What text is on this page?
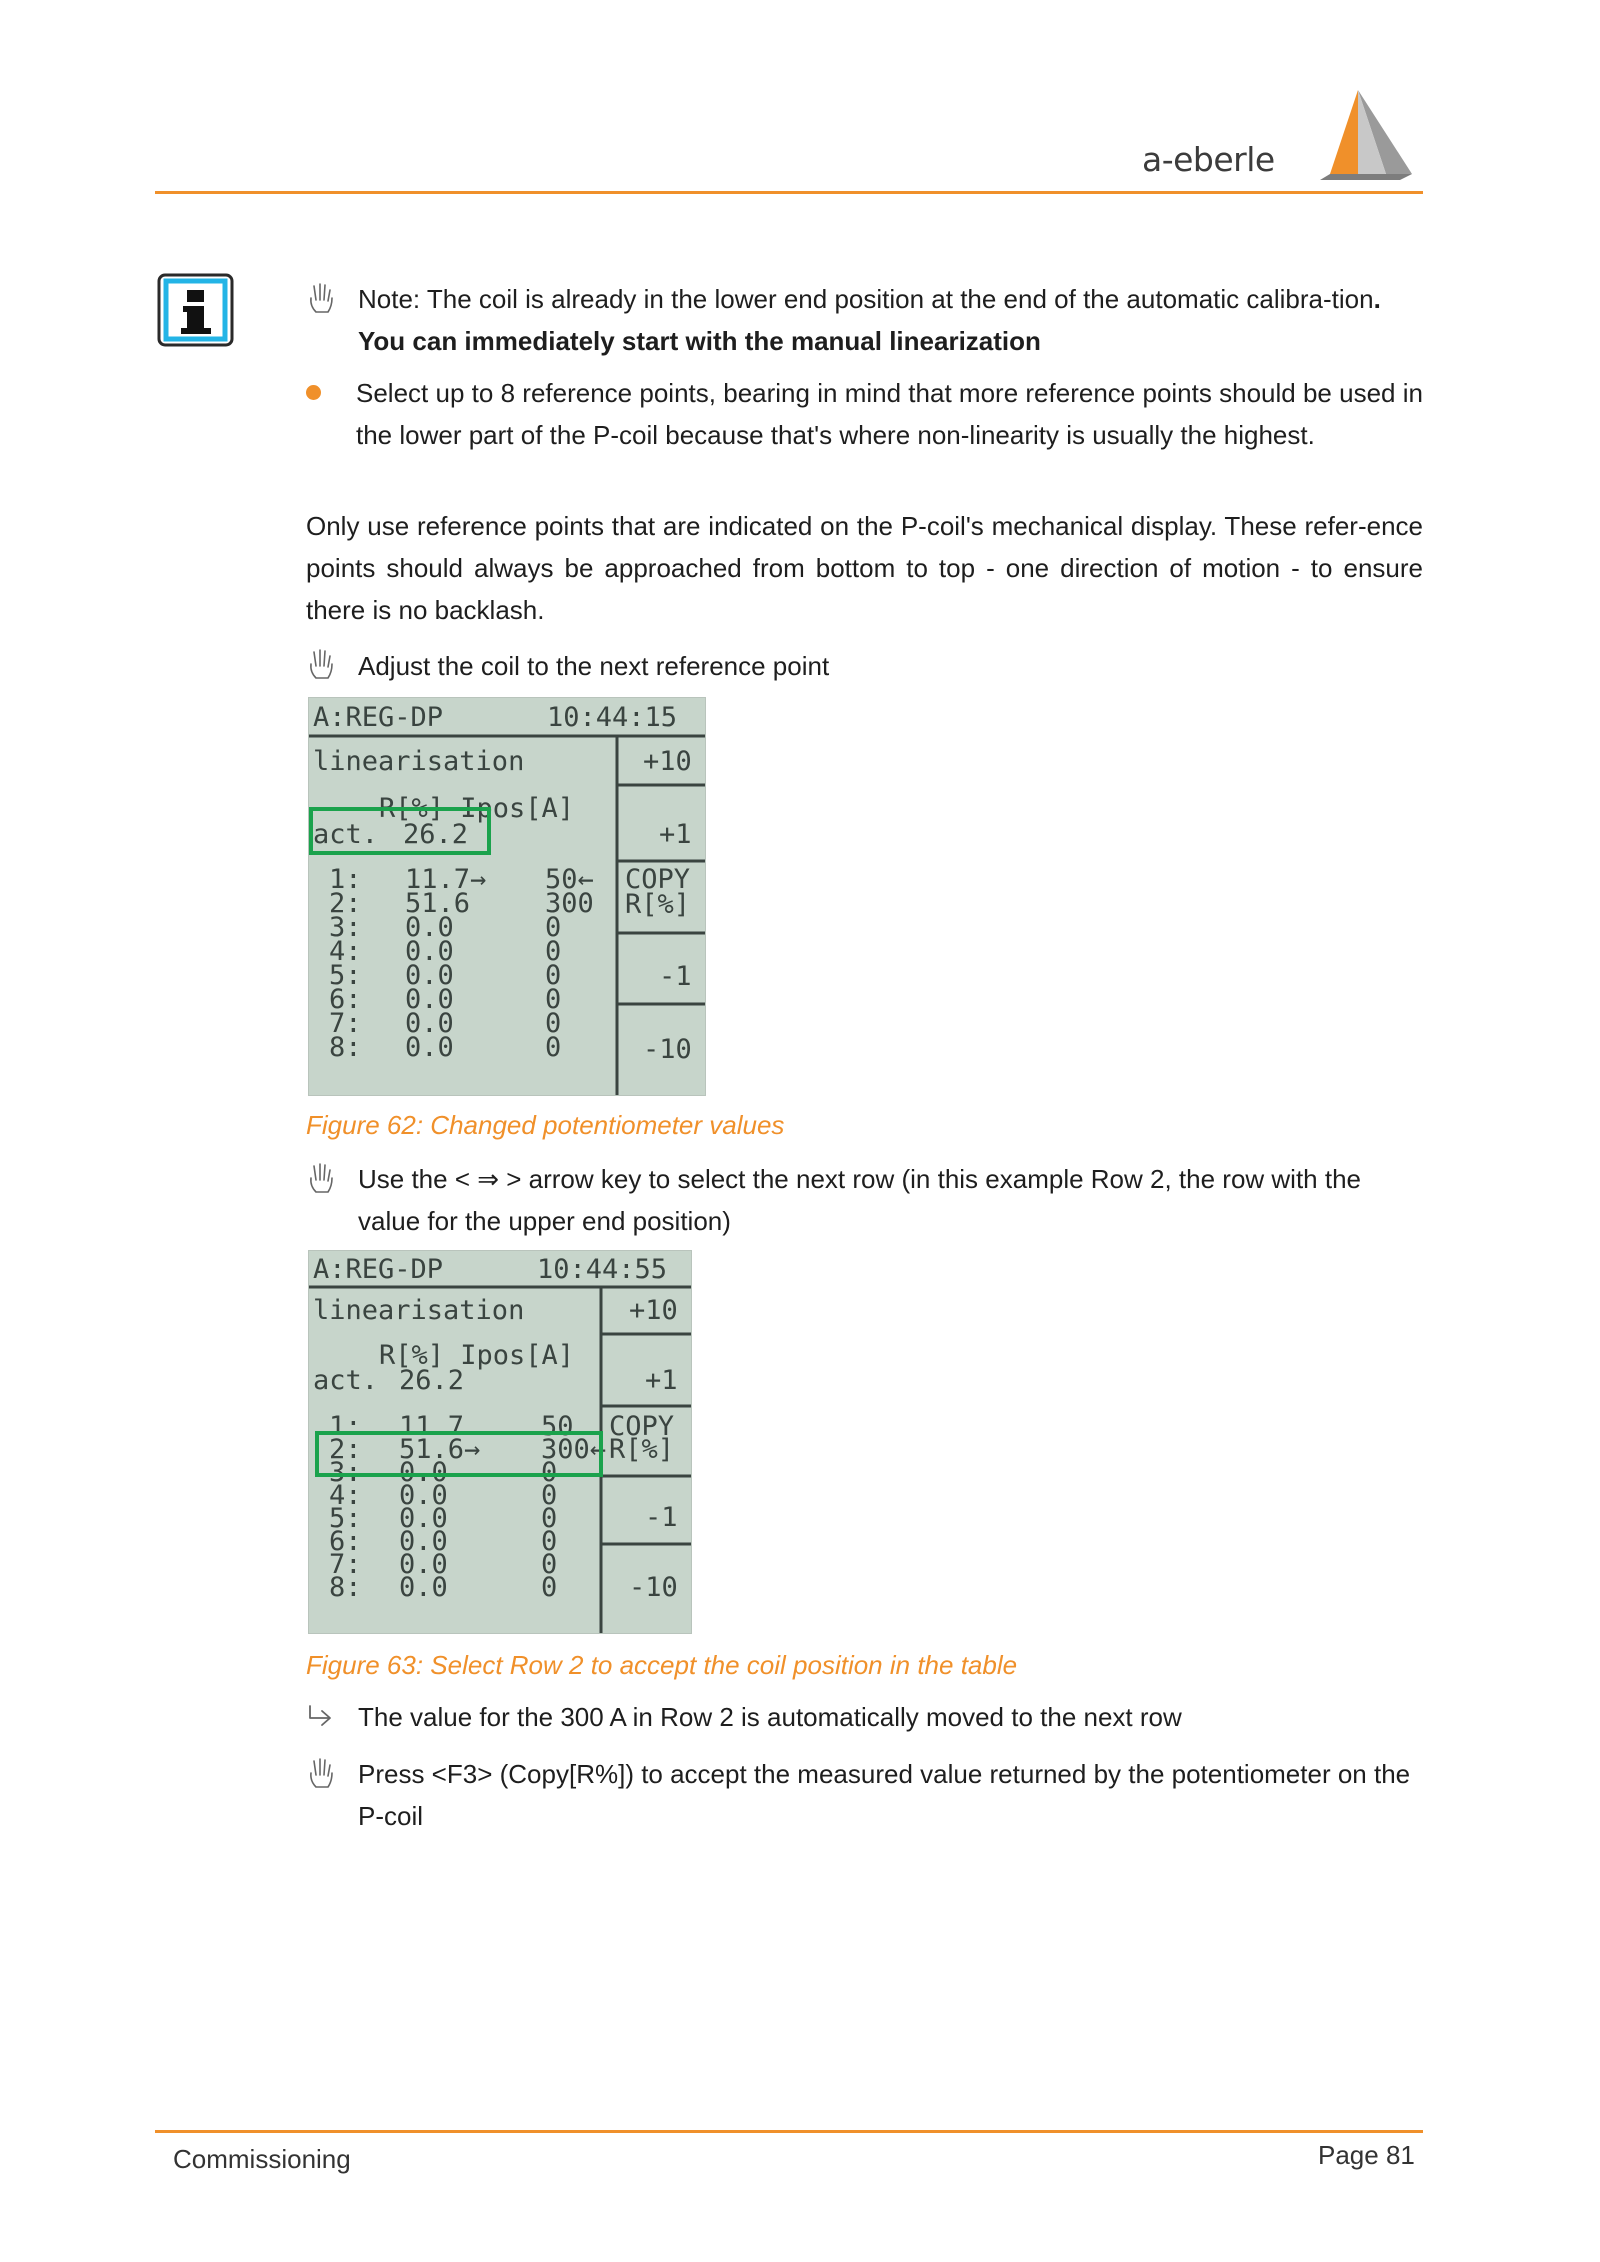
a-eberle
Note: The coil is already in the lower end position at the end of the automatic calibra-tion. You can immediately start with the manual linearization
Select up to 8 reference points, bearing in mind that more reference points should be used in the lower part of the P-coil because that's where non-linearity is usually the highest.
Only use reference points that are indicated on the P-coil's mechanical display. These refer-ence points should always be approached from bottom to top - one direction of motion - to ensure there is no backlash.
Adjust the coil to the next reference point
A:REG-DP	10:44:15
linearisation
R[%] Ipos[A]
act. 26.2
1: 11.7→ 50←
2: 51.6	300
3: 0.0	0
4: 0.0	0
5: 0.0	0
6: 0.0	0
7: 0.0	0
8: 0.0	0
+10
+1
COPY
R[%]
-1
-10
Figure 62: Changed potentiometer values
Use the < ⇒ > arrow key to select the next row (in this example Row 2, the row with the value for the upper end position)
A:REG-DP	10:44:55
linearisation
R[%] Ipos[A]
act. 26.2
1: 11.7	50
2: 51.6→ 300←
3: 0.0	0
4: 0.0	0
5: 0.0	0
6: 0.0	0
7: 0.0	0
8: 0.0	0
+10
+1
COPY
R[%]
-1
-10
Figure 63: Select Row 2 to accept the coil position in the table
The value for the 300 A in Row 2 is automatically moved to the next row
Press <F3> (Copy[R%]) to accept the measured value returned by the potentiometer on the P-coil
Commissioning	Page 81
